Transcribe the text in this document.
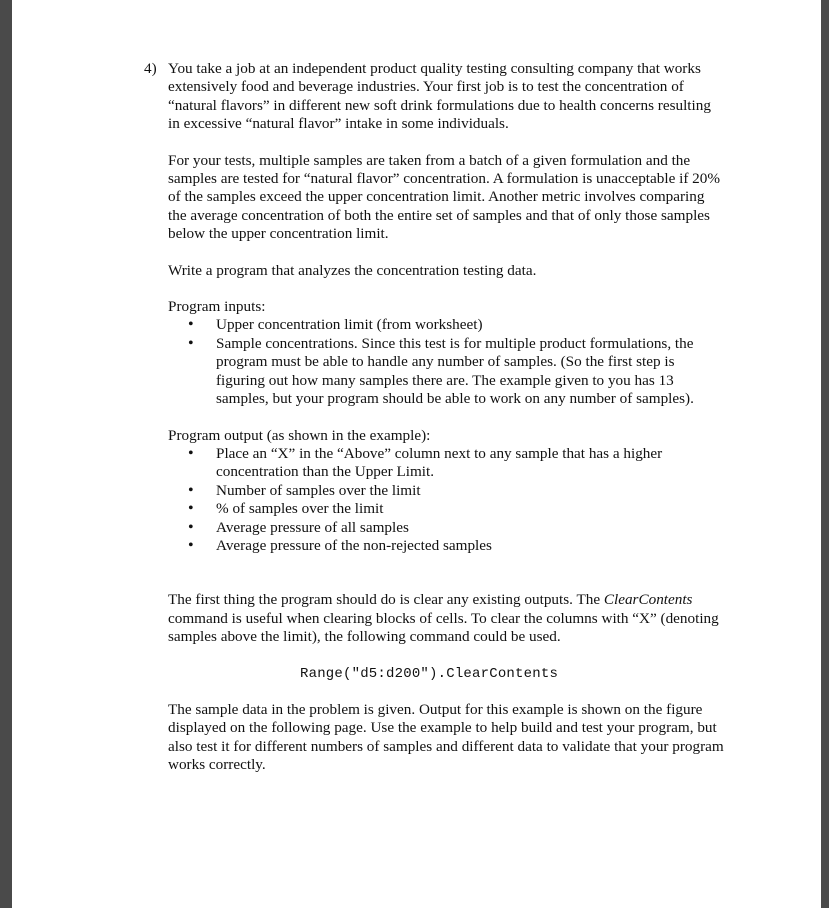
4) You take a job at an independent product quality testing consulting company that works extensively food and beverage industries. Your first job is to test the concentration of “natural flavors” in different new soft drink formulations due to health concerns resulting in excessive “natural flavor” intake in some individuals.

For your tests, multiple samples are taken from a batch of a given formulation and the samples are tested for “natural flavor” concentration. A formulation is unacceptable if 20% of the samples exceed the upper concentration limit. Another metric involves comparing the average concentration of both the entire set of samples and that of only those samples below the upper concentration limit.

Write a program that analyzes the concentration testing data.

Program inputs:

• Upper concentration limit (from worksheet)
• Sample concentrations. Since this test is for multiple product formulations, the program must be able to handle any number of samples. (So the first step is figuring out how many samples there are. The example given to you has 13 samples, but your program should be able to work on any number of samples).

Program output (as shown in the example):

• Place an “X” in the “Above” column next to any sample that has a higher concentration than the Upper Limit.
• Number of samples over the limit
• % of samples over the limit
• Average pressure of all samples
• Average pressure of the non-rejected samples

The first thing the program should do is clear any existing outputs. The ClearContents command is useful when clearing blocks of cells. To clear the columns with “X” (denoting samples above the limit), the following command could be used.

Range("d5:d200").ClearContents

The sample data in the problem is given. Output for this example is shown on the figure displayed on the following page. Use the example to help build and test your program, but also test it for different numbers of samples and different data to validate that your program works correctly.
